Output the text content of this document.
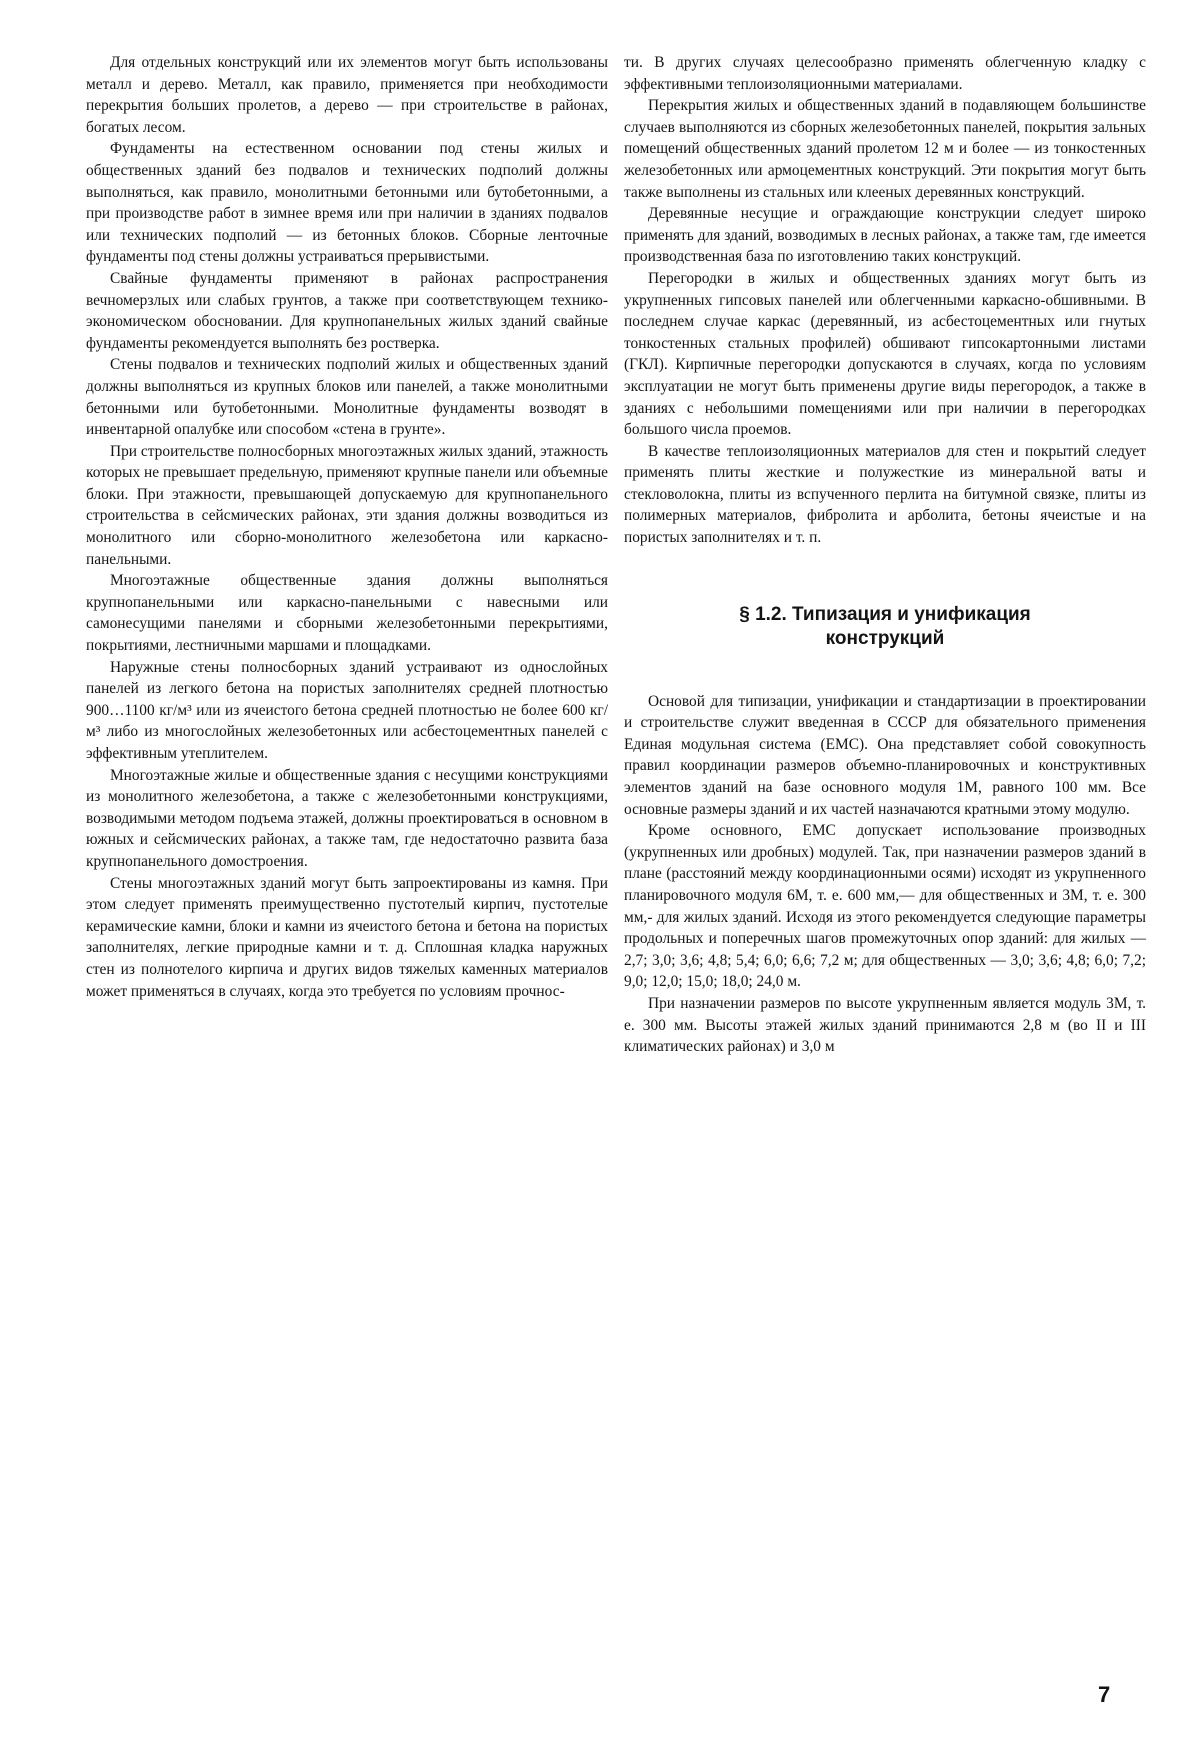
Для отдельных конструкций или их элементов могут быть использованы металл и дерево. Металл, как правило, применяется при необходимости перекрытия больших пролетов, а дерево — при строительстве в районах, богатых лесом.

Фундаменты на естественном основании под стены жилых и общественных зданий без подвалов и технических подполий должны выполняться, как правило, монолитными бетонными или бутобетонными, а при производстве работ в зимнее время или при наличии в зданиях подвалов или технических подполий — из бетонных блоков. Сборные ленточные фундаменты под стены должны устраиваться прерывистыми.

Свайные фундаменты применяют в районах распространения вечномерзлых или слабых грунтов, а также при соответствующем технико-экономическом обосновании. Для крупнопанельных жилых зданий свайные фундаменты рекомендуется выполнять без ростверка.

Стены подвалов и технических подполий жилых и общественных зданий должны выполняться из крупных блоков или панелей, а также монолитными бетонными или бутобетонными. Монолитные фундаменты возводят в инвентарной опалубке или способом «стена в грунте».

При строительстве полносборных многоэтажных жилых зданий, этажность которых не превышает предельную, применяют крупные панели или объемные блоки. При этажности, превышающей допускаемую для крупнопанельного строительства в сейсмических районах, эти здания должны возводиться из монолитного или сборно-монолитного железобетона или каркасно-панельными.

Многоэтажные общественные здания должны выполняться крупнопанельными или каркасно-панельными с навесными или самонесущими панелями и сборными железобетонными перекрытиями, покрытиями, лестничными маршами и площадками.

Наружные стены полносборных зданий устраивают из однослойных панелей из легкого бетона на пористых заполнителях средней плотностью 900…1100 кг/м³ или из ячеистого бетона средней плотностью не более 600 кг/м³ либо из многослойных железобетонных или асбестоцементных панелей с эффективным утеплителем.

Многоэтажные жилые и общественные здания с несущими конструкциями из монолитного железобетона, а также с железобетонными конструкциями, возводимыми методом подъема этажей, должны проектироваться в основном в южных и сейсмических районах, а также там, где недостаточно развита база крупнопанельного домостроения.

Стены многоэтажных зданий могут быть запроектированы из камня. При этом следует применять преимущественно пустотелый кирпич, пустотелые керамические камни, блоки и камни из ячеистого бетона и бетона на пористых заполнителях, легкие природные камни и т. д. Сплошная кладка наружных стен из полнотелого кирпича и других видов тяжелых каменных материалов может применяться в случаях, когда это требуется по условиям прочнос-

ти. В других случаях целесообразно применять облегченную кладку с эффективными теплоизоляционными материалами.

Перекрытия жилых и общественных зданий в подавляющем большинстве случаев выполняются из сборных железобетонных панелей, покрытия зальных помещений общественных зданий пролетом 12 м и более — из тонкостенных железобетонных или армоцементных конструкций. Эти покрытия могут быть также выполнены из стальных или клееных деревянных конструкций.

Деревянные несущие и ограждающие конструкции следует широко применять для зданий, возводимых в лесных районах, а также там, где имеется производственная база по изготовлению таких конструкций.

Перегородки в жилых и общественных зданиях могут быть из укрупненных гипсовых панелей или облегченными каркасно-обшивными. В последнем случае каркас (деревянный, из асбестоцементных или гнутых тонкостенных стальных профилей) обшивают гипсокартонными листами (ГКЛ). Кирпичные перегородки допускаются в случаях, когда по условиям эксплуатации не могут быть применены другие виды перегородок, а также в зданиях с небольшими помещениями или при наличии в перегородках большого числа проемов.

В качестве теплоизоляционных материалов для стен и покрытий следует применять плиты жесткие и полужесткие из минеральной ваты и стекловолокна, плиты из вспученного перлита на битумной связке, плиты из полимерных материалов, фибролита и арболита, бетоны ячеистые и на пористых заполнителях и т. п.

§ 1.2. Типизация и унификация
конструкций

Основой для типизации, унификации и стандартизации в проектировании и строительстве служит введенная в СССР для обязательного применения Единая модульная система (ЕМС). Она представляет собой совокупность правил координации размеров объемно-планировочных и конструктивных элементов зданий на базе основного модуля 1М, равного 100 мм. Все основные размеры зданий и их частей назначаются кратными этому модулю.

Кроме основного, ЕМС допускает использование производных (укрупненных или дробных) модулей. Так, при назначении размеров зданий в плане (расстояний между координационными осями) исходят из укрупненного планировочного модуля 6М, т. е. 600 мм,— для общественных и 3М, т. е. 300 мм,- для жилых зданий. Исходя из этого рекомендуется следующие параметры продольных и поперечных шагов промежуточных опор зданий: для жилых — 2,7; 3,0; 3,6; 4,8; 5,4; 6,0; 6,6; 7,2 м; для общественных — 3,0; 3,6; 4,8; 6,0; 7,2; 9,0; 12,0; 15,0; 18,0; 24,0 м.

При назначении размеров по высоте укрупненным является модуль 3М, т. е. 300 мм. Высоты этажей жилых зданий принимаются 2,8 м (во II и III климатических районах) и 3,0 м

7
